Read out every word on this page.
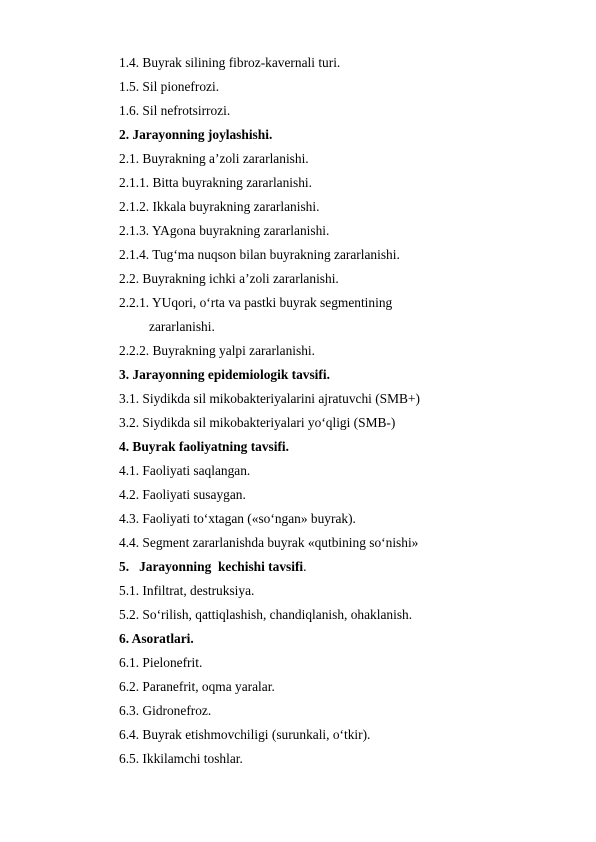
1.4. Buyrak silining fibroz-kavernali turi.
1.5. Sil pionefrozi.
1.6. Sil nefrotsirrozi.
2. Jarayonning joylashishi.
2.1. Buyrakning a’zoli zararlanishi.
2.1.1. Bitta buyrakning zararlanishi.
2.1.2. Ikkala buyrakning zararlanishi.
2.1.3. YAgona buyrakning zararlanishi.
2.1.4. Tug‘ma nuqson bilan buyrakning zararlanishi.
2.2. Buyrakning ichki a’zoli zararlanishi.
2.2.1. YUqori, o‘rta va pastki buyrak segmentining
zararlanishi.
2.2.2. Buyrakning yalpi zararlanishi.
3. Jarayonning epidemiologik tavsifi.
3.1. Siydikda sil mikobakteriyalarini ajratuvchi (SMB+)
3.2. Siydikda sil mikobakteriyalari yo‘qligi (SMB-)
4. Buyrak faoliyatning tavsifi.
4.1. Faoliyati saqlangan.
4.2. Faoliyati susaygan.
4.3. Faoliyati to‘xtagan («so‘ngan» buyrak).
4.4. Segment zararlanishda buyrak «qutbining so‘nishi»
5.   Jarayonning  kechishi tavsifi.
5.1. Infiltrat, destruksiya.
5.2. So‘rilish, qattiqlashish, chandiqlanish, ohaklanish.
6. Asoratlari.
6.1. Pielonefrit.
6.2. Paranefrit, oqma yaralar.
6.3. Gidronefroz.
6.4. Buyrak etishmovchiligi (surunkali, o‘tkir).
6.5. Ikkilamchi toshlar.
